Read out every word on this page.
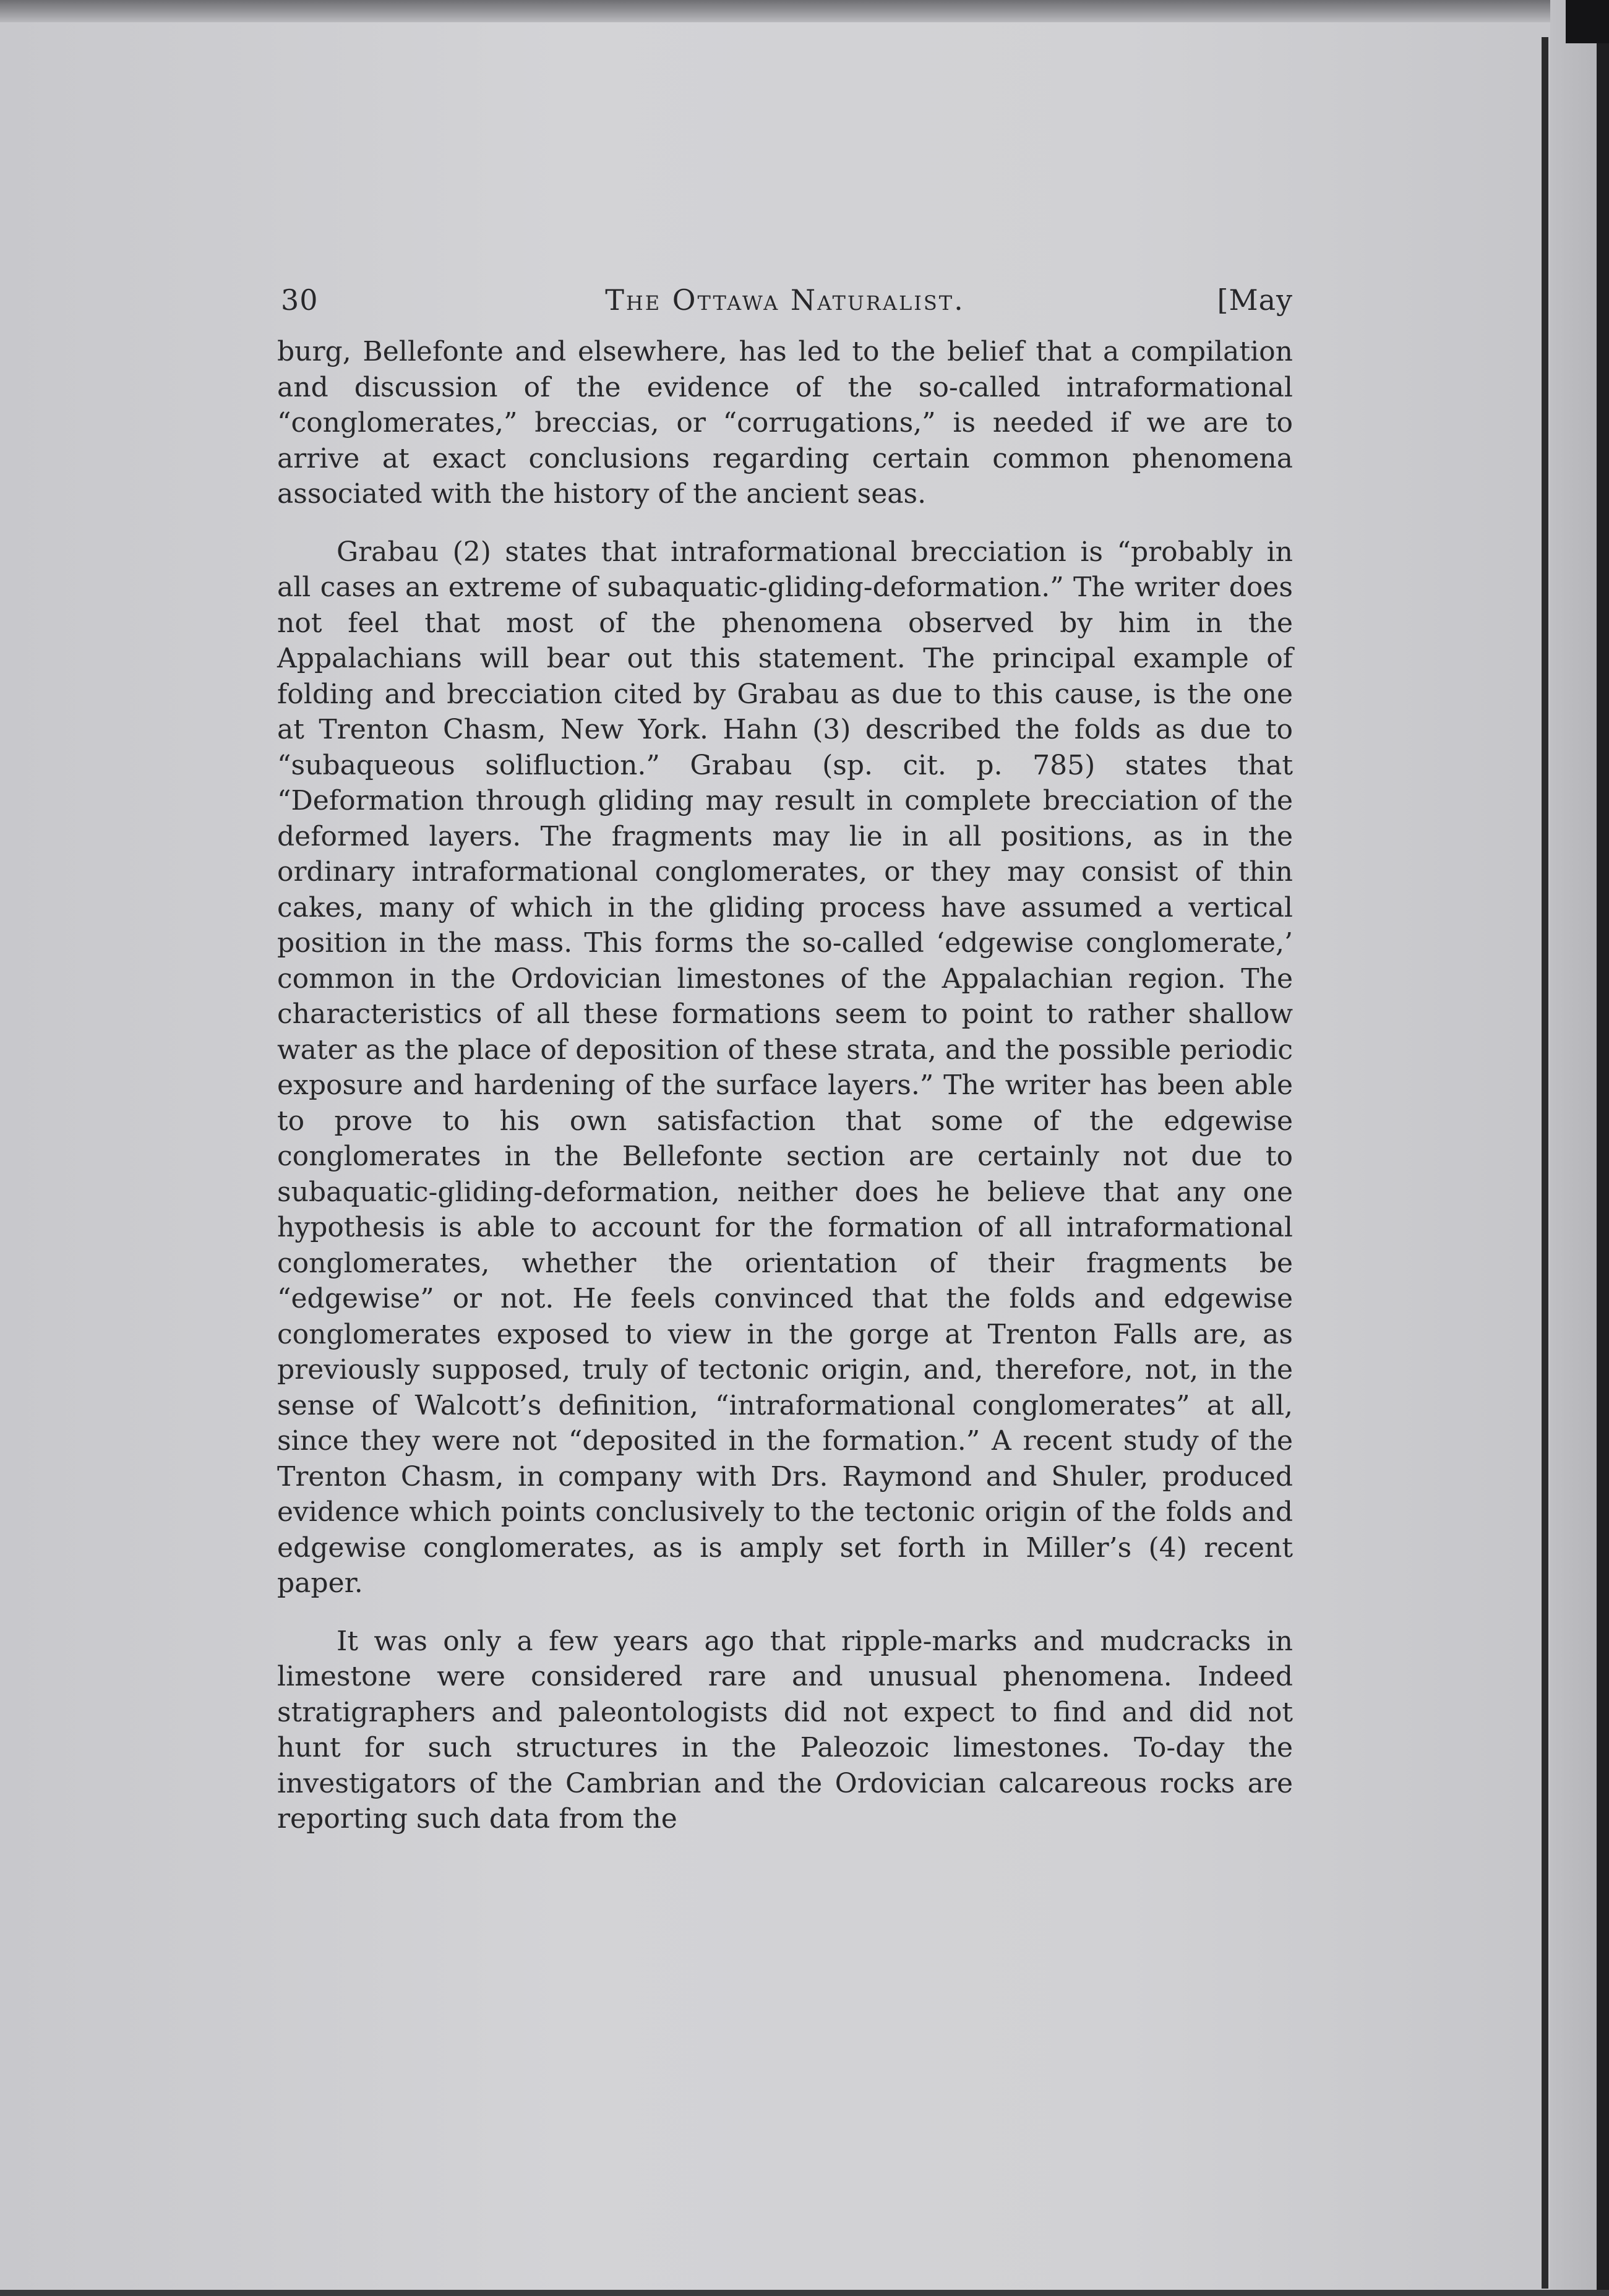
30	The Ottawa Naturalist.	[May

burg, Bellefonte and elsewhere, has led to the belief that a compilation and discussion of the evidence of the so-called intraformational “conglomerates,” breccias, or “corrugations,” is needed if we are to arrive at exact conclusions regarding certain common phenomena associated with the history of the ancient seas.

Grabau (2) states that intraformational brecciation is “probably in all cases an extreme of subaquatic-gliding-deformation.” The writer does not feel that most of the phenomena observed by him in the Appalachians will bear out this statement. The principal example of folding and brecciation cited by Grabau as due to this cause, is the one at Trenton Chasm, New York. Hahn (3) described the folds as due to “subaqueous solifluction.” Grabau (sp. cit. p. 785) states that “Deformation through gliding may result in complete brecciation of the deformed layers. The fragments may lie in all positions, as in the ordinary intraformational conglomerates, or they may consist of thin cakes, many of which in the gliding process have assumed a vertical position in the mass. This forms the so-called ‘edgewise conglomerate,’ common in the Ordovician limestones of the Appalachian region. The characteristics of all these formations seem to point to rather shallow water as the place of deposition of these strata, and the possible periodic exposure and hardening of the surface layers.” The writer has been able to prove to his own satisfaction that some of the edgewise conglomerates in the Bellefonte section are certainly not due to subaquatic-gliding-deformation, neither does he believe that any one hypothesis is able to account for the formation of all intraformational conglomerates, whether the orientation of their fragments be “edgewise” or not. He feels convinced that the folds and edgewise conglomerates exposed to view in the gorge at Trenton Falls are, as previously supposed, truly of tectonic origin, and, therefore, not, in the sense of Walcott’s definition, “intraformational conglomerates” at all, since they were not “deposited in the formation.” A recent study of the Trenton Chasm, in company with Drs. Raymond and Shuler, produced evidence which points conclusively to the tectonic origin of the folds and edgewise conglomerates, as is amply set forth in Miller’s (4) recent paper.

It was only a few years ago that ripple-marks and mudcracks in limestone were considered rare and unusual phenomena. Indeed stratigraphers and paleontologists did not expect to find and did not hunt for such structures in the Paleozoic limestones. To-day the investigators of the Cambrian and the Ordovician calcareous rocks are reporting such data from the
